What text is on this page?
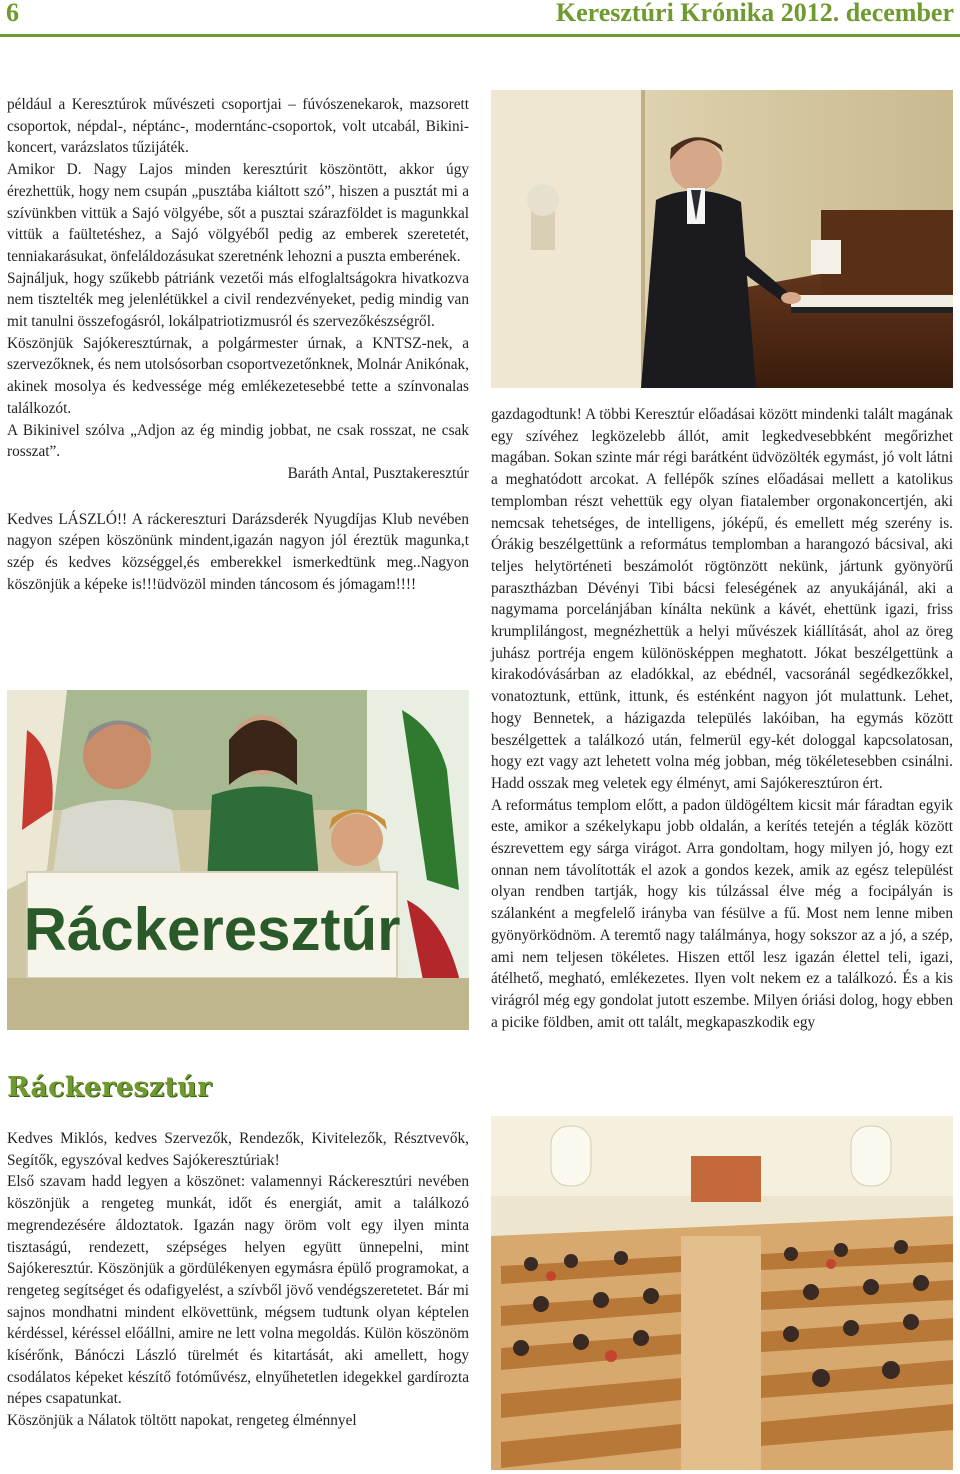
6	Keresztúri Krónika 2012. december

például a Keresztúrok művészeti csoportjai – fúvószenekarok, mazsorett csoportok, népdal-, néptánc-, moderntánc-csoportok, volt utcabál, Bikini-koncert, varázslatos tűzijáték.

Amikor D. Nagy Lajos minden keresztúrit köszöntött, akkor úgy érezhettük, hogy nem csupán „pusztába kiáltott szó”, hiszen a pusztát mi a szívünkben vittük a Sajó völgyébe, sőt a pusztai szárazföldet is magunkkal vittük a faültetéshez, a Sajó völgyéből pedig az emberek szeretetét, tenniakarásukat, önfeláldozásukat szeretnénk lehozni a puszta emberének.

Sajnáljuk, hogy szűkebb pátriánk vezetői más elfoglaltságokra hivatkozva nem tisztelték meg jelenlétükkel a civil rendezvényeket, pedig mindig van mit tanulni összefogásról, lokálpatriotizmusról és szervezőkészségről.

Köszönjük Sajókeresztúrnak, a polgármester úrnak, a KNTSZ-nek, a szervezőknek, és nem utolsósorban csoportvezetőnknek, Molnár Anikónak, akinek mosolya és kedvessége még emlékezetesebbé tette a színvonalas találkozót.

A Bikinivel szólva „Adjon az ég mindig jobbat, ne csak rosszat, ne csak rosszat”.

Baráth Antal, Pusztakeresztúr

Kedves LÁSZLÓ!! A ráckereszturi Darázsderék Nyugdíjas Klub nevében nagyon szépen köszönünk mindent,igazán nagyon jól éreztük magunka,t szép és kedves községgel,és emberekkel ismerkedtünk meg..Nagyon köszönjük a képeke is!!!üdvözöl minden táncosom és jómagam!!!!

gazdagodtunk! A többi Keresztúr előadásai között mindenki talált magának egy szívéhez legközelebb állót, amit legkedvesebbként megőrizhet magában. Sokan szinte már régi barátként üdvözölték egymást, jó volt látni a meghatódott arcokat. A fellépők színes előadásai mellett a katolikus templomban részt vehettük egy olyan fiatalember orgonakoncertjén, aki nemcsak tehetséges, de intelligens, jóképű, és emellett még szerény is. Órákig beszélgettünk a református templomban a harangozó bácsival, aki teljes helytörténeti beszámolót rögtönzött nekünk, jártunk gyönyörű parasztházban Dévényi Tibi bácsi feleségének az anyukájánál, aki a nagymama porcelánjában kínálta nekünk a kávét, ehettünk igazi, friss krumplilángost, megnézhettük a helyi művészek kiállítását, ahol az öreg juhász portréja engem különösképpen meghatott. Jókat beszélgettünk a kirakodóvásárban az eladókkal, az ebédnél, vacsoránál segédkezőkkel, vonatoztunk, ettünk, ittunk, és esténként nagyon jót mulattunk. Lehet, hogy Bennetek, a házigazda település lakóiban, ha egymás között beszélgettek a találkozó után, felmerül egy-két dologgal kapcsolatosan, hogy ezt vagy azt lehetett volna még jobban, még tökéletesebben csinálni. Hadd osszak meg veletek egy élményt, ami Sajókeresztúron ért.

A református templom előtt, a padon üldögéltem kicsit már fáradtan egyik este, amikor a székelykapu jobb oldalán, a kerítés tetején a téglák között észrevettem egy sárga virágot. Arra gondoltam, hogy milyen jó, hogy ezt onnan nem távolították el azok a gondos kezek, amik az egész települést olyan rendben tartják, hogy kis túlzással élve még a focipályán is szálanként a megfelelő irányba van fésülve a fű. Most nem lenne miben gyönyörködnöm. A teremtő nagy találmánya, hogy sokszor az a jó, a szép, ami nem teljesen tökéletes. Hiszen ettől lesz igazán élettel teli, igazi, átélhető, megható, emlékezetes. Ilyen volt nekem ez a találkozó. És a kis virágról még egy gondolat jutott eszembe. Milyen óriási dolog, hogy ebben a picike földben, amit ott talált, megkapaszkodik egy

Ráckeresztúr
Ráckeresztúr

Kedves Miklós, kedves Szervezők, Rendezők, Kivitelezők, Résztvevők, Segítők, egyszóval kedves Sajókeresztúriak!

Első szavam hadd legyen a köszönet: valamennyi Ráckeresztúri nevében köszönjük a rengeteg munkát, időt és energiát, amit a találkozó megrendezésére áldoztatok. Igazán nagy öröm volt egy ilyen minta tisztaságú, rendezett, szépséges helyen együtt ünnepelni, mint Sajókeresztúr. Köszönjük a gördülékenyen egymásra épülő programokat, a rengeteg segítséget és odafigyelést, a szívből jövő vendégszeretetet. Bár mi sajnos mondhatni mindent elkövettünk, mégsem tudtunk olyan képtelen kérdéssel, kéréssel előállni, amire ne lett volna megoldás. Külön köszönöm kísérőnk, Bánóczi László türelmét és kitartását, aki amellett, hogy csodálatos képeket készítő fotóművész, elnyűhetetlen idegekkel gardírozta népes csapatunkat.

Köszönjük a Nálatok töltött napokat, rengeteg élménnyel
